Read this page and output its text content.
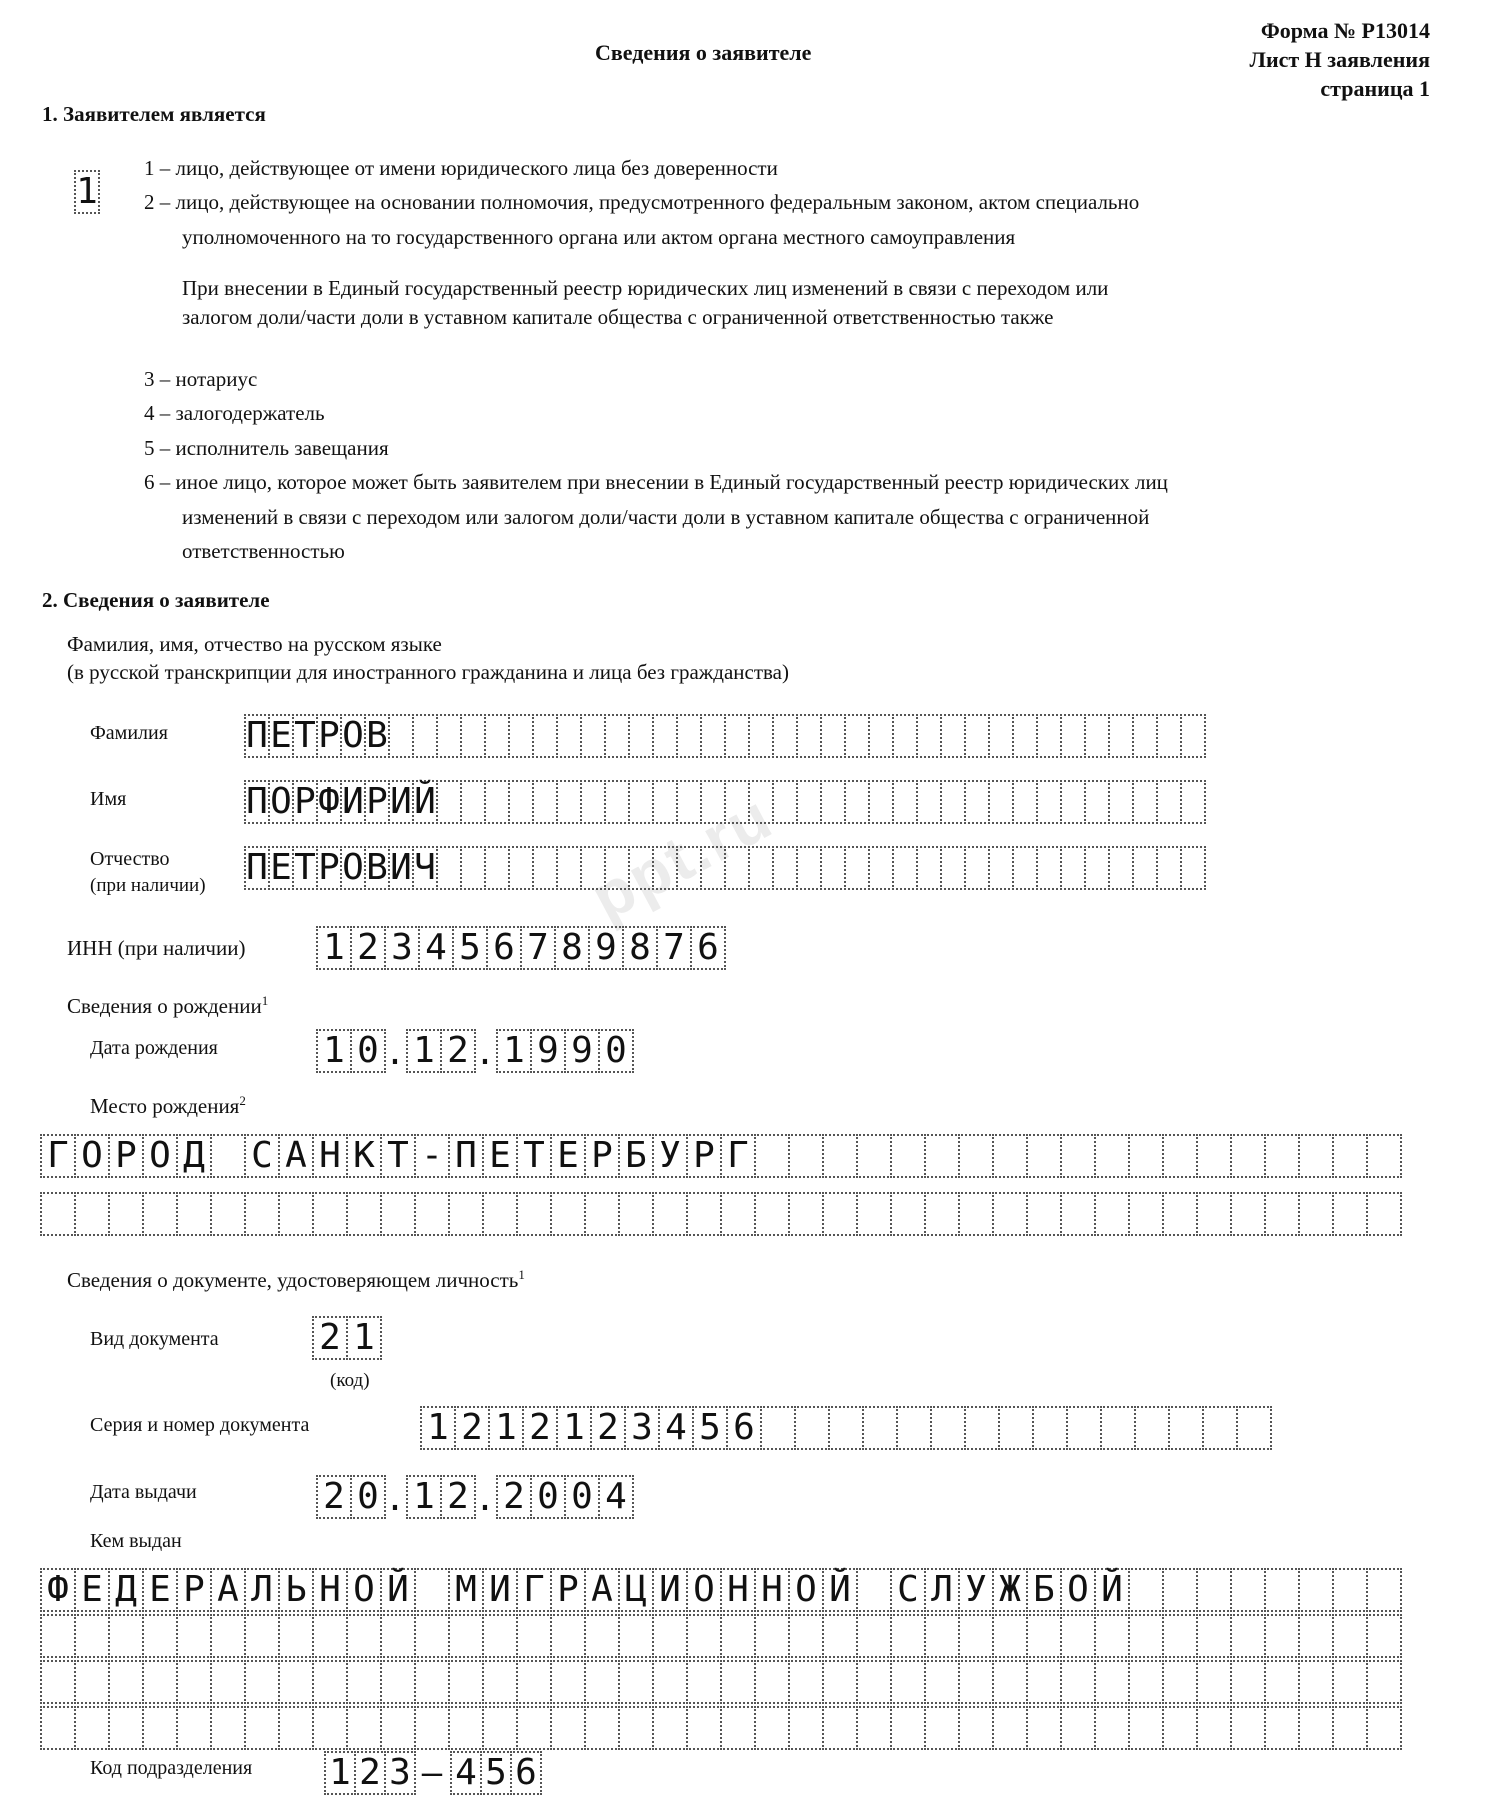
ppt.ru
Сведения о заявителе
Форма № Р13014
Лист Н заявления
страница 1
1. Заявителем является
1
1 – лицо, действующее от имени юридического лица без доверенности
2 – лицо, действующее на основании полномочия, предусмотренного федеральным законом, актом специально
уполномоченного на то государственного органа или актом органа местного самоуправления
При внесении в Единый государственный реестр юридических лиц изменений в связи с переходом или
залогом доли/части доли в уставном капитале общества с ограниченной ответственностью также
3 – нотариус
4 – залогодержатель
5 – исполнитель завещания
6 – иное лицо, которое может быть заявителем при внесении в Единый государственный реестр юридических лиц
изменений в связи с переходом или залогом доли/части доли в уставном капитале общества с ограниченной
ответственностью
2. Сведения о заявителе
Фамилия, имя, отчество на русском языке
(в русской транскрипции для иностранного гражданина и лица без гражданства)
Фамилия П Е Т Р О В
Имя	П О Р Ф И Р И Й
Отчество
(при наличии) П Е Т Р О В И Ч
ИНН (при наличии) 1 2 3 4 5 6 7 8 9 8 7 6
Сведения о рождении$^1$
Дата рождения	1 0 . 1 2 . 1 9 9 0
Место рождения$^2$
Г О Р О Д С А Н К Т - П Е Т Е Р Б У Р Г
Сведения о документе, удостоверяющем личность$^1$
Вид документа	2 1
(код)
Серия и номер документа	1 2 1 2 1 2 3 4 5 6
Дата выдачи	2 0 . 1 2 . 2 0 0 4
Кем выдан
Ф Е Д Е Р А Л Ь Н О Й М И Г Р А Ц И О Н Н О Й С Л У Ж Б О Й
Код подразделения 1 2 3 – 4 5 6
